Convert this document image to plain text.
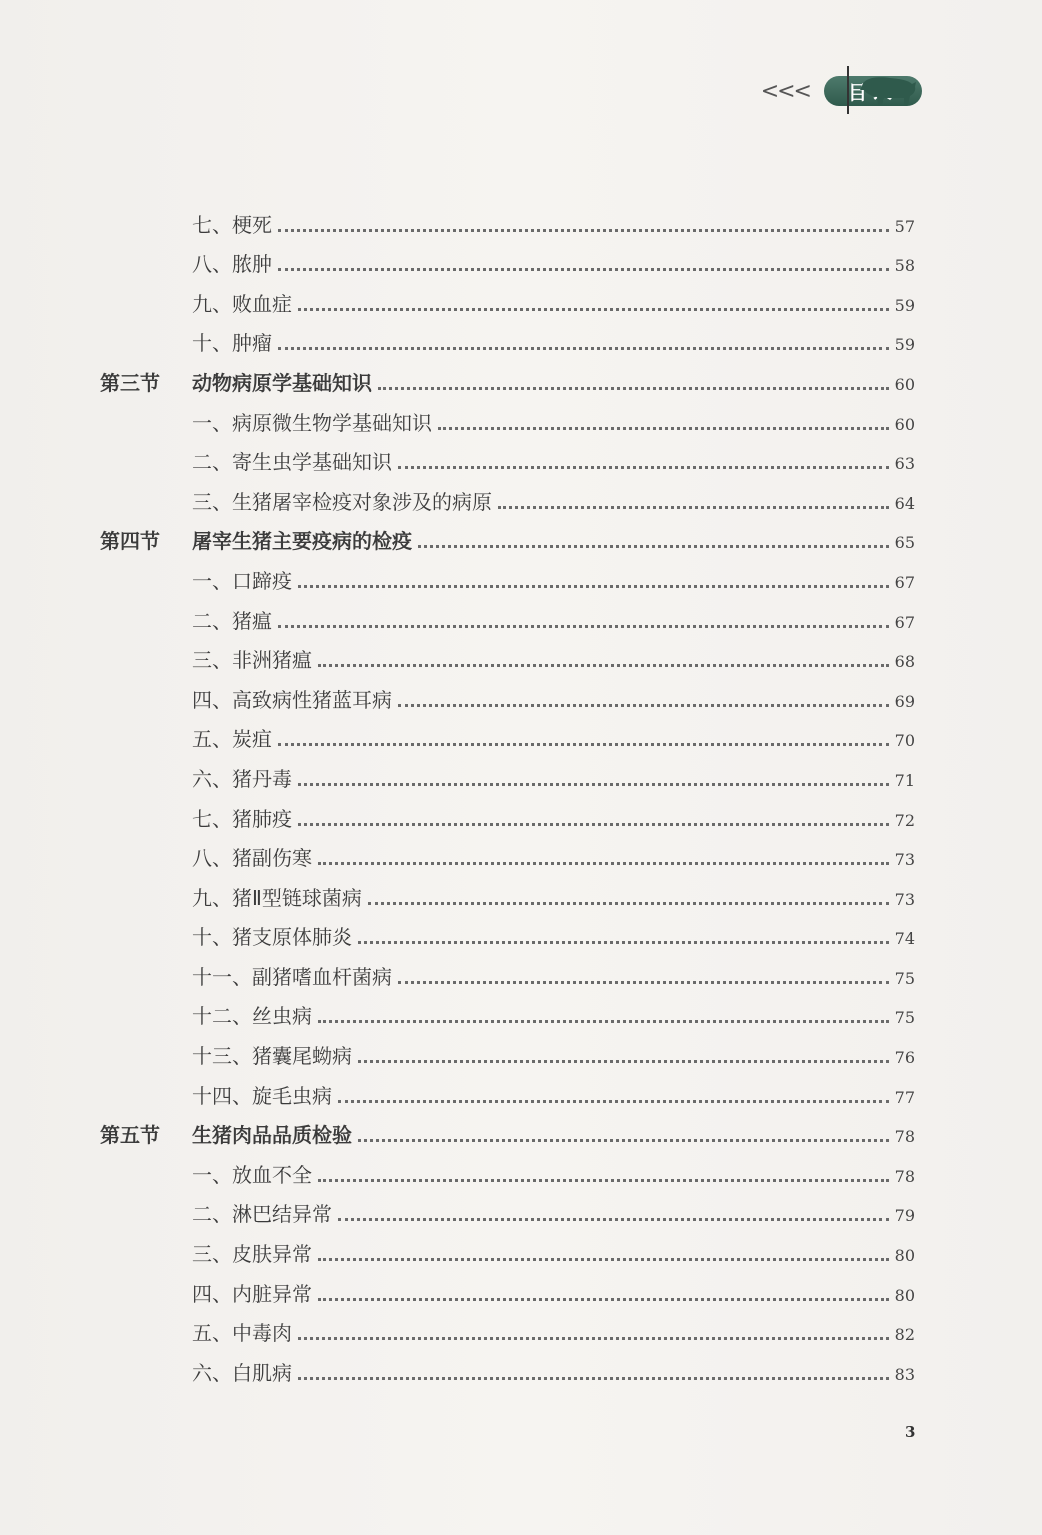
<<<
七、梗死	57
八、脓肿	58
九、败血症	59
十、肿瘤	59
第三节	动物病原学基础知识	60
一、病原微生物学基础知识	60
二、寄生虫学基础知识	63
三、生猪屠宰检疫对象涉及的病原	64
第四节	屠宰生猪主要疫病的检疫	65
一、口蹄疫	67
二、猪瘟	67
三、非洲猪瘟	68
四、高致病性猪蓝耳病	69
五、炭疽	70
六、猪丹毒	71
七、猪肺疫	72
八、猪副伤寒	73
九、猪Ⅱ型链球菌病	73
十、猪支原体肺炎	74
十一、副猪嗜血杆菌病	75
十二、丝虫病	75
十三、猪囊尾蚴病	76
十四、旋毛虫病	77
第五节	生猪肉品品质检验	78
一、放血不全	78
二、淋巴结异常	79
三、皮肤异常	80
四、内脏异常	80
五、中毒肉	82
六、白肌病	83
3
